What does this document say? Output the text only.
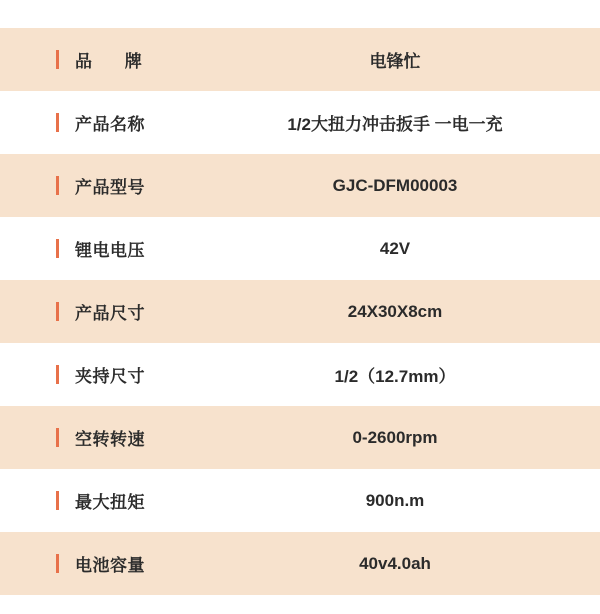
品 牌	电锋忙
产品名称	1/2大扭力冲击扳手 一电一充
产品型号	GJC-DFM00003
锂电电压	42V
产品尺寸	24X30X8cm
夹持尺寸	1/2（12.7mm）
空转转速	0-2600rpm
最大扭矩	900n.m
电池容量	40v4.0ah
